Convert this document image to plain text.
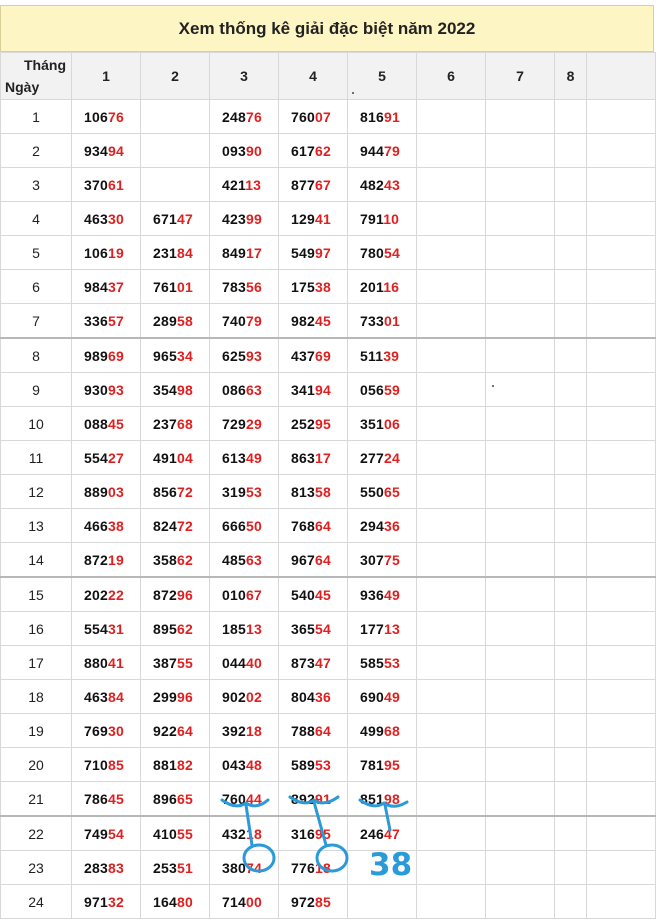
Xem thống kê giải đặc biệt năm 2022
Tháng
Ngày	1	2	3	4	5	6	7	8	
1	10676		24876	76007	81691				
2	93494		09390	61762	94479				
3	37061		42113	87767	48243				
4	46330	67147	42399	12941	79110				
5	10619	23184	84917	54997	78054				
6	98437	76101	78356	17538	20116				
7	33657	28958	74079	98245	73301				
8	98969	96534	62593	43769	51139				
9	93093	35498	08663	34194	05659				
10	08845	23768	72929	25295	35106				
11	55427	49104	61349	86317	27724				
12	88903	85672	31953	81358	55065				
13	46638	82472	66650	76864	29436				
14	87219	35862	48563	96764	30775				
15	20222	87296	01067	54045	93649				
16	55431	89562	18513	36554	17713				
17	88041	38755	04440	87347	58553				
18	46384	29996	90202	80436	69049				
19	76930	92264	39218	78864	49968				
20	71085	88182	04348	58953	78195				
21	78645	89665	76044	89291	85198				
22	74954	41055	43218	31695	24647				
23	28383	25351	38074	77618					
24	97132	16480	71400	97285					
38
